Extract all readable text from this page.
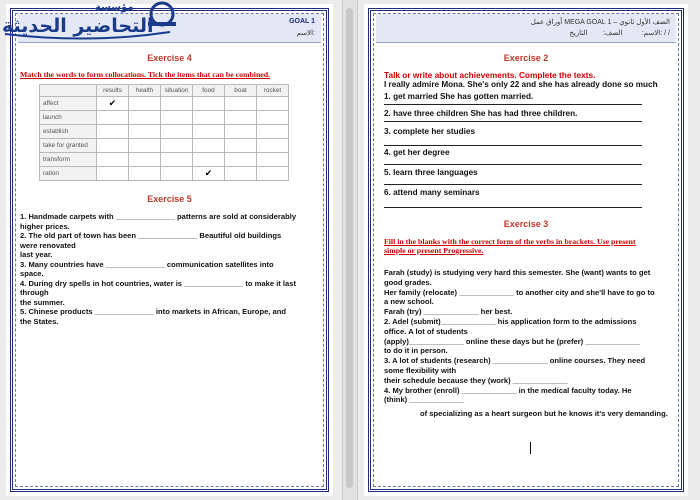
GOAL 1
الاسم:
Exercise 4
Match the words to form collocations. Tick the items that can be combined.
	results	health	situation	food	boat	rocket
affect	✔					
launch						
establish						
take for granted						
transform						
ration				✔		
Exercise 5
1. Handmade carpets with ______________ patterns are sold at considerably
higher prices.
2. The old part of town has been ______________ Beautiful old buildings
were renovated
last year.
3. Many countries have ______________ communication satellites into
space.
4. During dry spells in hot countries, water is ______________ to make it last
through
the summer.
5. Chinese products ______________ into markets in African, Europe, and
the States.
مؤسسة
التحاضير الحديثة	أوراق عمل MEGA GOAL 1 – الصف الأول ثانوي
الاسم:          الصف:        التاريخ: / /
Exercise 2
Talk or write about achievements. Complete the texts.
I really admire Mona. She's only 22 and she has already done so much
1. get married She has gotten married.
2. have three children She has had three children.
3. complete her studies
4. get her degree
5. learn three languages
6. attend many seminars
Exercise 3
Fill in the blanks with the correct form of the verbs in brackets. Use present
simple or present Progressive.
Farah (study) is studying very hard this semester. She (want) wants to get
good grades.
Her family (relocate) _____________ to another city and she'll have to go to
a new school.
Farah (try) _____________ her best.
2. Adel (submit)_____________ his application form to the admissions
office. A lot of students
(apply)_____________ online these days but he (prefer) _____________
to do it in person.
3. A lot of students (research) _____________ online courses. They need
some flexibility with
their schedule because they (work) _____________
4. My brother (enroll) _____________ in the medical faculty today. He
(think) _____________
of specializing as a heart surgeon but he knows it's very demanding.
